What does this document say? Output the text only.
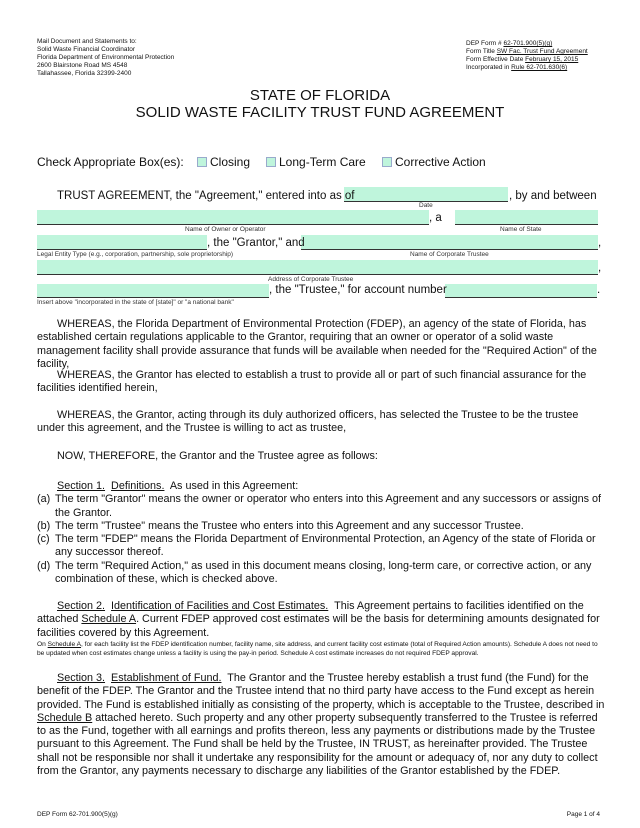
Mail Document and Statements to:
Solid Waste Financial Coordinator
Florida Department of Environmental Protection
2600 Blairstone Road MS 4548
Tallahassee, Florida 32399-2400
DEP Form # 62-701.900(5)(g)
Form Title SW Fac. Trust Fund Agreement
Form Effective Date February 15, 2015
Incorporated in Rule 62-701.630(6)
STATE OF FLORIDA
SOLID WASTE FACILITY TRUST FUND AGREEMENT
Check Appropriate Box(es):	Closing	Long-Term Care	Corrective Action
TRUST AGREEMENT, the "Agreement," entered into as of	, by and between
Date
, a
Name of Owner or Operator	Name of State
, the "Grantor," and	,
Legal Entity Type (e.g., corporation, partnership, sole proprietorship)	Name of Corporate Trustee
,
Address of Corporate Trustee
, the "Trustee," for account number	.
Insert above "incorporated in the state of [state]" or "a national bank"
WHEREAS, the Florida Department of Environmental Protection (FDEP), an agency of the state of Florida, has established certain regulations applicable to the Grantor, requiring that an owner or operator of a solid waste management facility shall provide assurance that funds will be available when needed for the "Required Action" of the facility,
WHEREAS, the Grantor has elected to establish a trust to provide all or part of such financial assurance for the facilities identified herein,
WHEREAS, the Grantor, acting through its duly authorized officers, has selected the Trustee to be the trustee under this agreement, and the Trustee is willing to act as trustee,
NOW, THEREFORE, the Grantor and the Trustee agree as follows:
Section 1. Definitions. As used in this Agreement:
(a) The term "Grantor" means the owner or operator who enters into this Agreement and any successors or assigns of the Grantor.
(b) The term "Trustee" means the Trustee who enters into this Agreement and any successor Trustee.
(c) The term "FDEP" means the Florida Department of Environmental Protection, an Agency of the state of Florida or any successor thereof.
(d) The term "Required Action," as used in this document means closing, long-term care, or corrective action, or any combination of these, which is checked above.
Section 2. Identification of Facilities and Cost Estimates. This Agreement pertains to facilities identified on the attached Schedule A. Current FDEP approved cost estimates will be the basis for determining amounts designated for facilities covered by this Agreement.
On Schedule A, for each facility list the FDEP identification number, facility name, site address, and current facility cost estimate (total of Required Action amounts). Schedule A does not need to be updated when cost estimates change unless a facility is using the pay-in period. Schedule A cost estimate increases do not required FDEP approval.
Section 3. Establishment of Fund. The Grantor and the Trustee hereby establish a trust fund (the Fund) for the benefit of the FDEP. The Grantor and the Trustee intend that no third party have access to the Fund except as herein provided. The Fund is established initially as consisting of the property, which is acceptable to the Trustee, described in Schedule B attached hereto. Such property and any other property subsequently transferred to the Trustee is referred to as the Fund, together with all earnings and profits thereon, less any payments or distributions made by the Trustee pursuant to this Agreement. The Fund shall be held by the Trustee, IN TRUST, as hereinafter provided. The Trustee shall not be responsible nor shall it undertake any responsibility for the amount or adequacy of, nor any duty to collect from the Grantor, any payments necessary to discharge any liabilities of the Grantor established by the FDEP.
DEP Form 62-701.900(5)(g)	Page 1 of 4
